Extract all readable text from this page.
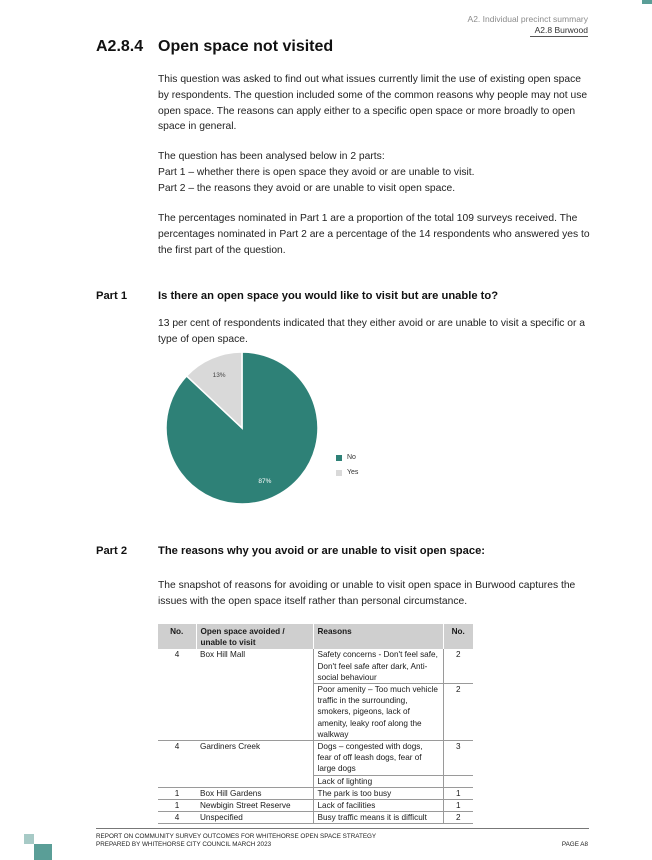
A2. Individual precinct summary
A2.8 Burwood
A2.8.4 Open space not visited

This question was asked to find out what issues currently limit the use of existing open space by respondents. The question included some of the common reasons why people may not use open space. The reasons can apply either to a specific open space or more broadly to open space in general.

The question has been analysed below in 2 parts:

Part 1 – whether there is open space they avoid or are unable to visit.

Part 2 – the reasons they avoid or are unable to visit open space.

The percentages nominated in Part 1 are a proportion of the total 109 surveys received. The percentages nominated in Part 2 are a percentage of the 14 respondents who answered yes to the first part of the question.

Part 1	Is there an open space you would like to visit but are unable to?

13 per cent of respondents indicated that they either avoid or are unable to visit a specific or a type of open space.

87%
13%
No
Yes
Part 2	The reasons why you avoid or are unable to visit open space:

The snapshot of reasons for avoiding or unable to visit open space in Burwood captures the issues with the open space itself rather than personal circumstance.

No.	Open space avoided / unable to visit	Reasons	No.
4	Box Hill Mall	Safety concerns - Don't feel safe, Don't feel safe after dark, Anti-social behaviour	2
		Poor amenity – Too much vehicle traffic in the surrounding, smokers, pigeons, lack of amenity, leaky roof along the walkway	2
4	Gardiners Creek	Dogs – congested with dogs, fear of off leash dogs, fear of large dogs	3
		Lack of lighting	
1	Box Hill Gardens	The park is too busy	1
1	Newbigin Street Reserve	Lack of facilities	1
4	Unspecified	Busy traffic means it is difficult	2
REPORT ON COMMUNITY SURVEY OUTCOMES FOR WHITEHORSE OPEN SPACE STRATEGY
PREPARED BY WHITEHORSE CITY COUNCIL MARCH 2023	PAGE A8
